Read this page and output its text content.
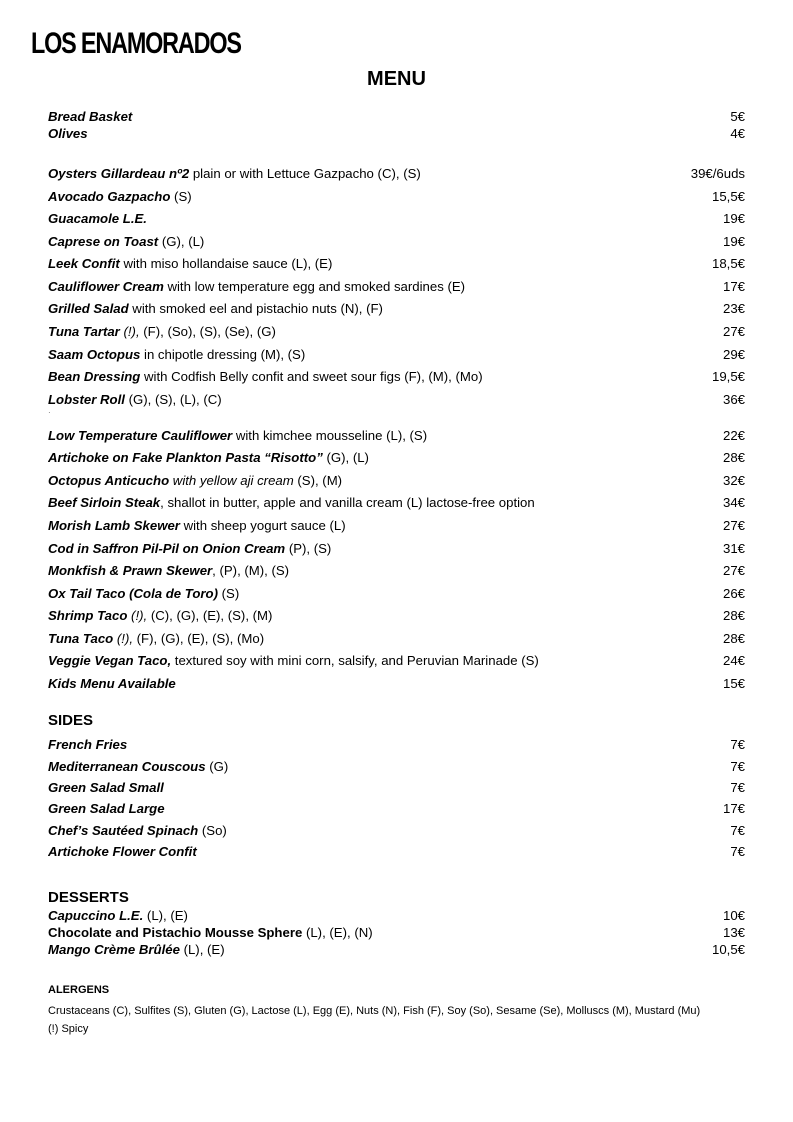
LOS ENAMORADOS
MENU
Bread Basket	5€
Olives	4€
Oysters Gillardeau nº2 plain or with Lettuce Gazpacho (C), (S)	39€/6uds
Avocado Gazpacho (S)	15,5€
Guacamole L.E.	19€
Caprese on Toast (G), (L)	19€
Leek Confit with miso hollandaise sauce (L), (E)	18,5€
Cauliflower Cream with low temperature egg and smoked sardines (E)	17€
Grilled Salad with smoked eel and pistachio nuts (N), (F)	23€
Tuna Tartar (!), (F), (So), (S), (Se), (G)	27€
Saam Octopus in chipotle dressing (M), (S)	29€
Bean Dressing with Codfish Belly confit and sweet sour figs (F), (M), (Mo)	19,5€
Lobster Roll (G), (S), (L), (C)	36€
Low Temperature Cauliflower with kimchee mousseline (L), (S)	22€
Artichoke on Fake Plankton Pasta “Risotto” (G), (L)	28€
Octopus Anticucho with yellow aji cream (S), (M)	32€
Beef Sirloin Steak, shallot in butter, apple and vanilla cream (L) lactose-free option	34€
Morish Lamb Skewer with sheep yogurt sauce (L)	27€
Cod in Saffron Pil-Pil on Onion Cream (P), (S)	31€
Monkfish & Prawn Skewer, (P), (M), (S)	27€
Ox Tail Taco (Cola de Toro) (S)	26€
Shrimp Taco (!), (C), (G), (E), (S), (M)	28€
Tuna Taco (!), (F), (G), (E), (S), (Mo)	28€
Veggie Vegan Taco, textured soy with mini corn, salsify, and Peruvian Marinade (S)	24€
Kids Menu Available	15€
·
SIDES
French Fries	7€
Mediterranean Couscous (G)	7€
Green Salad Small	7€
Green Salad Large	17€
Chef’s Sautéed Spinach (So)	7€
Artichoke Flower Confit	7€
DESSERTS
Capuccino L.E. (L), (E)	10€
Chocolate and Pistachio Mousse Sphere (L), (E), (N)	13€
Mango Crème Brûlée (L), (E)	10,5€
ALERGENS
Crustaceans (C), Sulfites (S), Gluten (G), Lactose (L), Egg (E), Nuts (N), Fish (F), Soy (So), Sesame (Se), Molluscs (M), Mustard (Mu)
(!) Spicy
